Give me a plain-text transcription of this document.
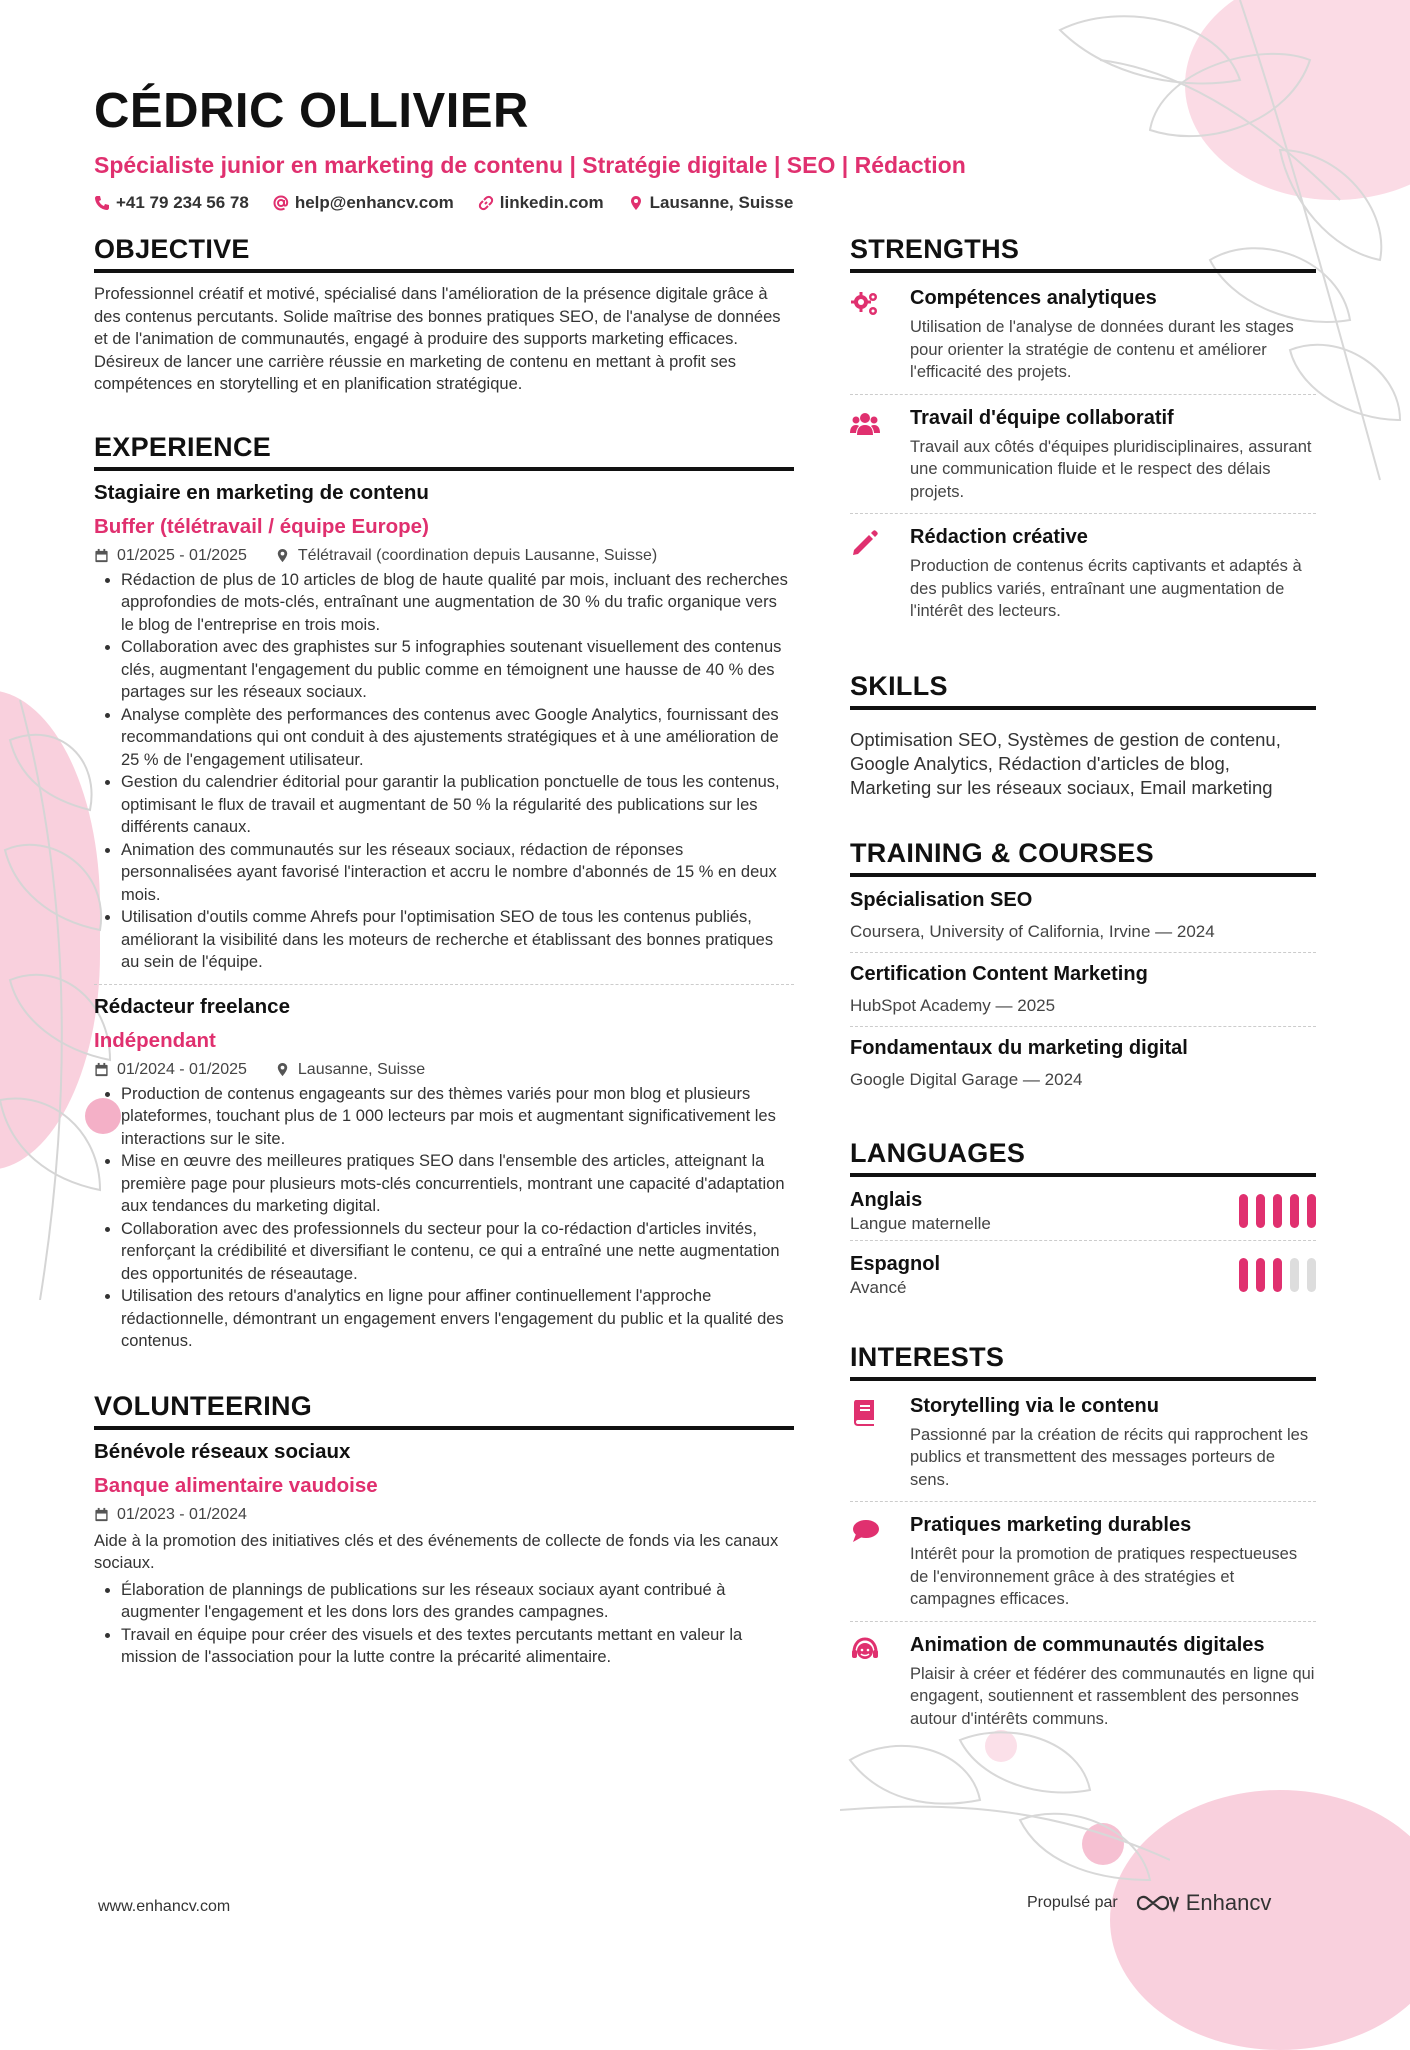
CÉDRIC OLLIVIER
Spécialiste junior en marketing de contenu | Stratégie digitale | SEO | Rédaction
+41 79 234 56 78	help@enhancv.com	linkedin.com	Lausanne, Suisse
OBJECTIVE
Professionnel créatif et motivé, spécialisé dans l'amélioration de la présence digitale grâce à des contenus percutants. Solide maîtrise des bonnes pratiques SEO, de l'analyse de données et de l'animation de communautés, engagé à produire des supports marketing efficaces. Désireux de lancer une carrière réussie en marketing de contenu en mettant à profit ses compétences en storytelling et en planification stratégique.
EXPERIENCE
Stagiaire en marketing de contenu
Buffer (télétravail / équipe Europe)
01/2025 - 01/2025	Télétravail (coordination depuis Lausanne, Suisse)
• Rédaction de plus de 10 articles de blog de haute qualité par mois, incluant des recherches approfondies de mots-clés, entraînant une augmentation de 30 % du trafic organique vers le blog de l'entreprise en trois mois.
• Collaboration avec des graphistes sur 5 infographies soutenant visuellement des contenus clés, augmentant l'engagement du public comme en témoignent une hausse de 40 % des partages sur les réseaux sociaux.
• Analyse complète des performances des contenus avec Google Analytics, fournissant des recommandations qui ont conduit à des ajustements stratégiques et à une amélioration de 25 % de l'engagement utilisateur.
• Gestion du calendrier éditorial pour garantir la publication ponctuelle de tous les contenus, optimisant le flux de travail et augmentant de 50 % la régularité des publications sur les différents canaux.
• Animation des communautés sur les réseaux sociaux, rédaction de réponses personnalisées ayant favorisé l'interaction et accru le nombre d'abonnés de 15 % en deux mois.
• Utilisation d'outils comme Ahrefs pour l'optimisation SEO de tous les contenus publiés, améliorant la visibilité dans les moteurs de recherche et établissant des bonnes pratiques au sein de l'équipe.
Rédacteur freelance
Indépendant
01/2024 - 01/2025	Lausanne, Suisse
• Production de contenus engageants sur des thèmes variés pour mon blog et plusieurs plateformes, touchant plus de 1 000 lecteurs par mois et augmentant significativement les interactions sur le site.
• Mise en œuvre des meilleures pratiques SEO dans l'ensemble des articles, atteignant la première page pour plusieurs mots-clés concurrentiels, montrant une capacité d'adaptation aux tendances du marketing digital.
• Collaboration avec des professionnels du secteur pour la co-rédaction d'articles invités, renforçant la crédibilité et diversifiant le contenu, ce qui a entraîné une nette augmentation des opportunités de réseautage.
• Utilisation des retours d'analytics en ligne pour affiner continuellement l'approche rédactionnelle, démontrant un engagement envers l'engagement du public et la qualité des contenus.
VOLUNTEERING
Bénévole réseaux sociaux
Banque alimentaire vaudoise
01/2023 - 01/2024
Aide à la promotion des initiatives clés et des événements de collecte de fonds via les canaux sociaux.
• Élaboration de plannings de publications sur les réseaux sociaux ayant contribué à augmenter l'engagement et les dons lors des grandes campagnes.
• Travail en équipe pour créer des visuels et des textes percutants mettant en valeur la mission de l'association pour la lutte contre la précarité alimentaire.
STRENGTHS
Compétences analytiques
Utilisation de l'analyse de données durant les stages pour orienter la stratégie de contenu et améliorer l'efficacité des projets.
Travail d'équipe collaboratif
Travail aux côtés d'équipes pluridisciplinaires, assurant une communication fluide et le respect des délais projets.
Rédaction créative
Production de contenus écrits captivants et adaptés à des publics variés, entraînant une augmentation de l'intérêt des lecteurs.
SKILLS
Optimisation SEO, Systèmes de gestion de contenu, Google Analytics, Rédaction d'articles de blog, Marketing sur les réseaux sociaux, Email marketing
TRAINING & COURSES
Spécialisation SEO
Coursera, University of California, Irvine — 2024
Certification Content Marketing
HubSpot Academy — 2025
Fondamentaux du marketing digital
Google Digital Garage — 2024
LANGUAGES
Anglais
Langue maternelle
Espagnol
Avancé
INTERESTS
Storytelling via le contenu
Passionné par la création de récits qui rapprochent les publics et transmettent des messages porteurs de sens.
Pratiques marketing durables
Intérêt pour la promotion de pratiques respectueuses de l'environnement grâce à des stratégies et campagnes efficaces.
Animation de communautés digitales
Plaisir à créer et fédérer des communautés en ligne qui engagent, soutiennent et rassemblent des personnes autour d'intérêts communs.
www.enhancv.com	Propulsé par	Enhancv
